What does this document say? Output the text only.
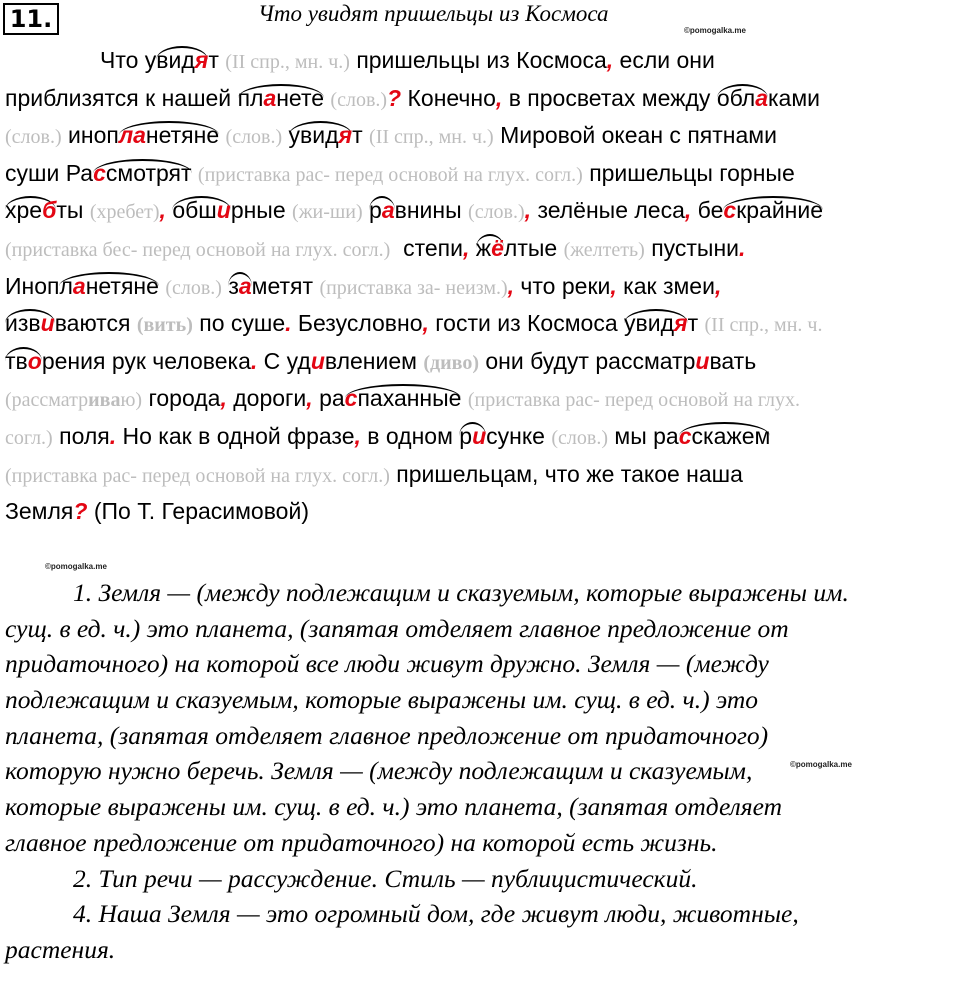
11.	Что увидят пришельцы из Космоса
©pomogalka.me
Что увидят (II спр., мн. ч.) пришельцы из Космоса, если они
приблизятся к нашей планете (слов.)? Конечно, в просветах между облаками
(слов.) инопланетяне (слов.) увидят (II спр., мн. ч.) Мировой океан с пятнами
суши Рассмотрят (приставка рас- перед основой на глух. согл.) пришельцы горные
хребты (хребет), обширные (жи-ши) равнины (слов.), зелёные леса, бескрайние
(приставка бес- перед основой на глух. согл.) степи, жёлтые (желтеть) пустыни.
Инопланетяне (слов.) заметят (приставка за- неизм.), что реки, как змеи,
извиваются (вить) по суше. Безусловно, гости из Космоса увидят (II спр., мн. ч.
творения рук человека. С удивлением (диво) они будут рассматривать
(рассматриваю) города, дороги, распаханные (приставка рас- перед основой на глух.
согл.) поля. Но как в одной фразе, в одном рисунке (слов.) мы расскажем
(приставка рас- перед основой на глух. согл.) пришельцам, что же такое наша
Земля? (По Т. Герасимовой)
©pomogalka.me
©pomogalka.me
1. Земля — (между подлежащим и сказуемым, которые выражены им.
сущ. в ед. ч.) это планета, (запятая отделяет главное предложение от
придаточного) на которой все люди живут дружно. Земля — (между
подлежащим и сказуемым, которые выражены им. сущ. в ед. ч.) это
планета, (запятая отделяет главное предложение от придаточного)
которую нужно беречь. Земля — (между подлежащим и сказуемым,
которые выражены им. сущ. в ед. ч.) это планета, (запятая отделяет
главное предложение от придаточного) на которой есть жизнь.
2. Тип речи — рассуждение. Стиль — публицистический.
4. Наша Земля — это огромный дом, где живут люди, животные,
растения.
